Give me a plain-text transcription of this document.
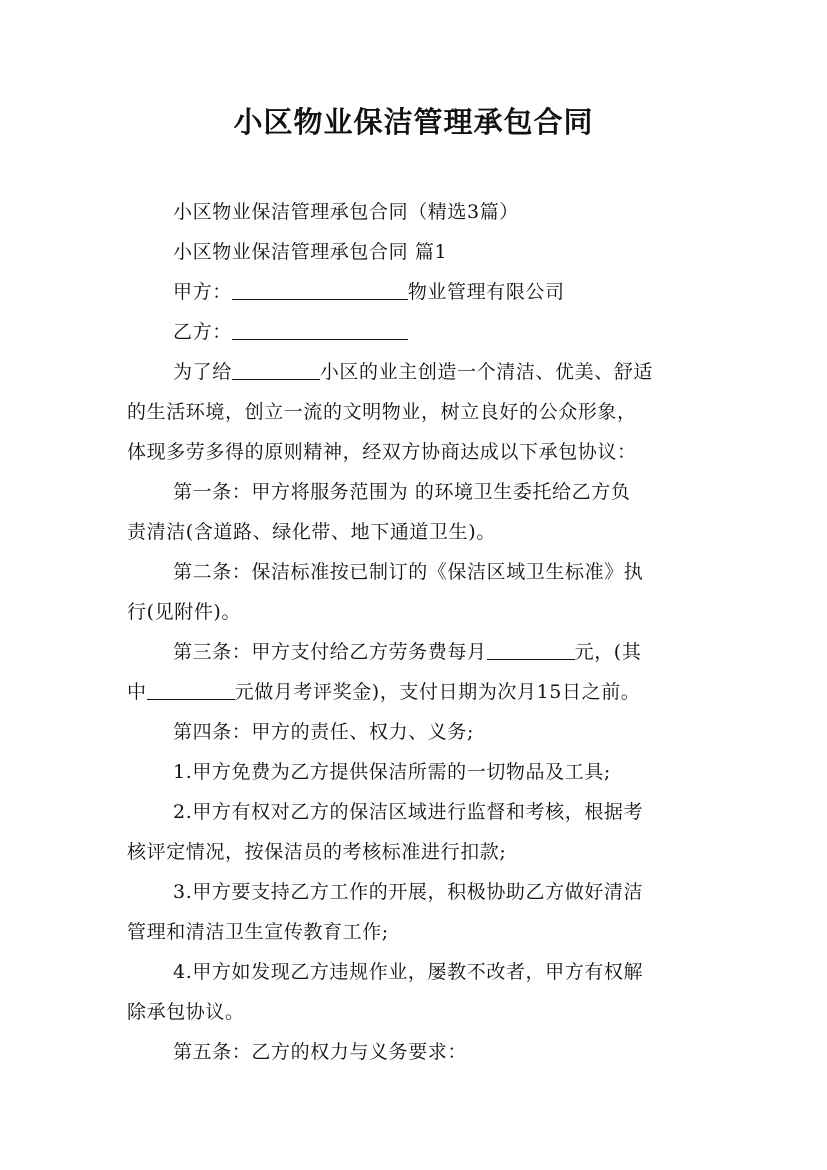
小区物业保洁管理承包合同
小区物业保洁管理承包合同（精选3篇）
小区物业保洁管理承包合同 篇1
甲方：	物业管理有限公司
乙方：
为了给	小区的业主创造一个清洁、优美、舒适
的生活环境，创立一流的文明物业，树立良好的公众形象，
体现多劳多得的原则精神，经双方协商达成以下承包协议：
第一条：甲方将服务范围为 的环境卫生委托给乙方负
责清洁(含道路、绿化带、地下通道卫生)。
第二条：保洁标准按已制订的《保洁区域卫生标准》执
行(见附件)。
第三条：甲方支付给乙方劳务费每月	元，(其
中	元做月考评奖金)，支付日期为次月15日之前。
第四条：甲方的责任、权力、义务;
1.甲方免费为乙方提供保洁所需的一切物品及工具;
2.甲方有权对乙方的保洁区域进行监督和考核，根据考
核评定情况，按保洁员的考核标准进行扣款;
3.甲方要支持乙方工作的开展，积极协助乙方做好清洁
管理和清洁卫生宣传教育工作;
4.甲方如发现乙方违规作业，屡教不改者，甲方有权解
除承包协议。
第五条：乙方的权力与义务要求：
